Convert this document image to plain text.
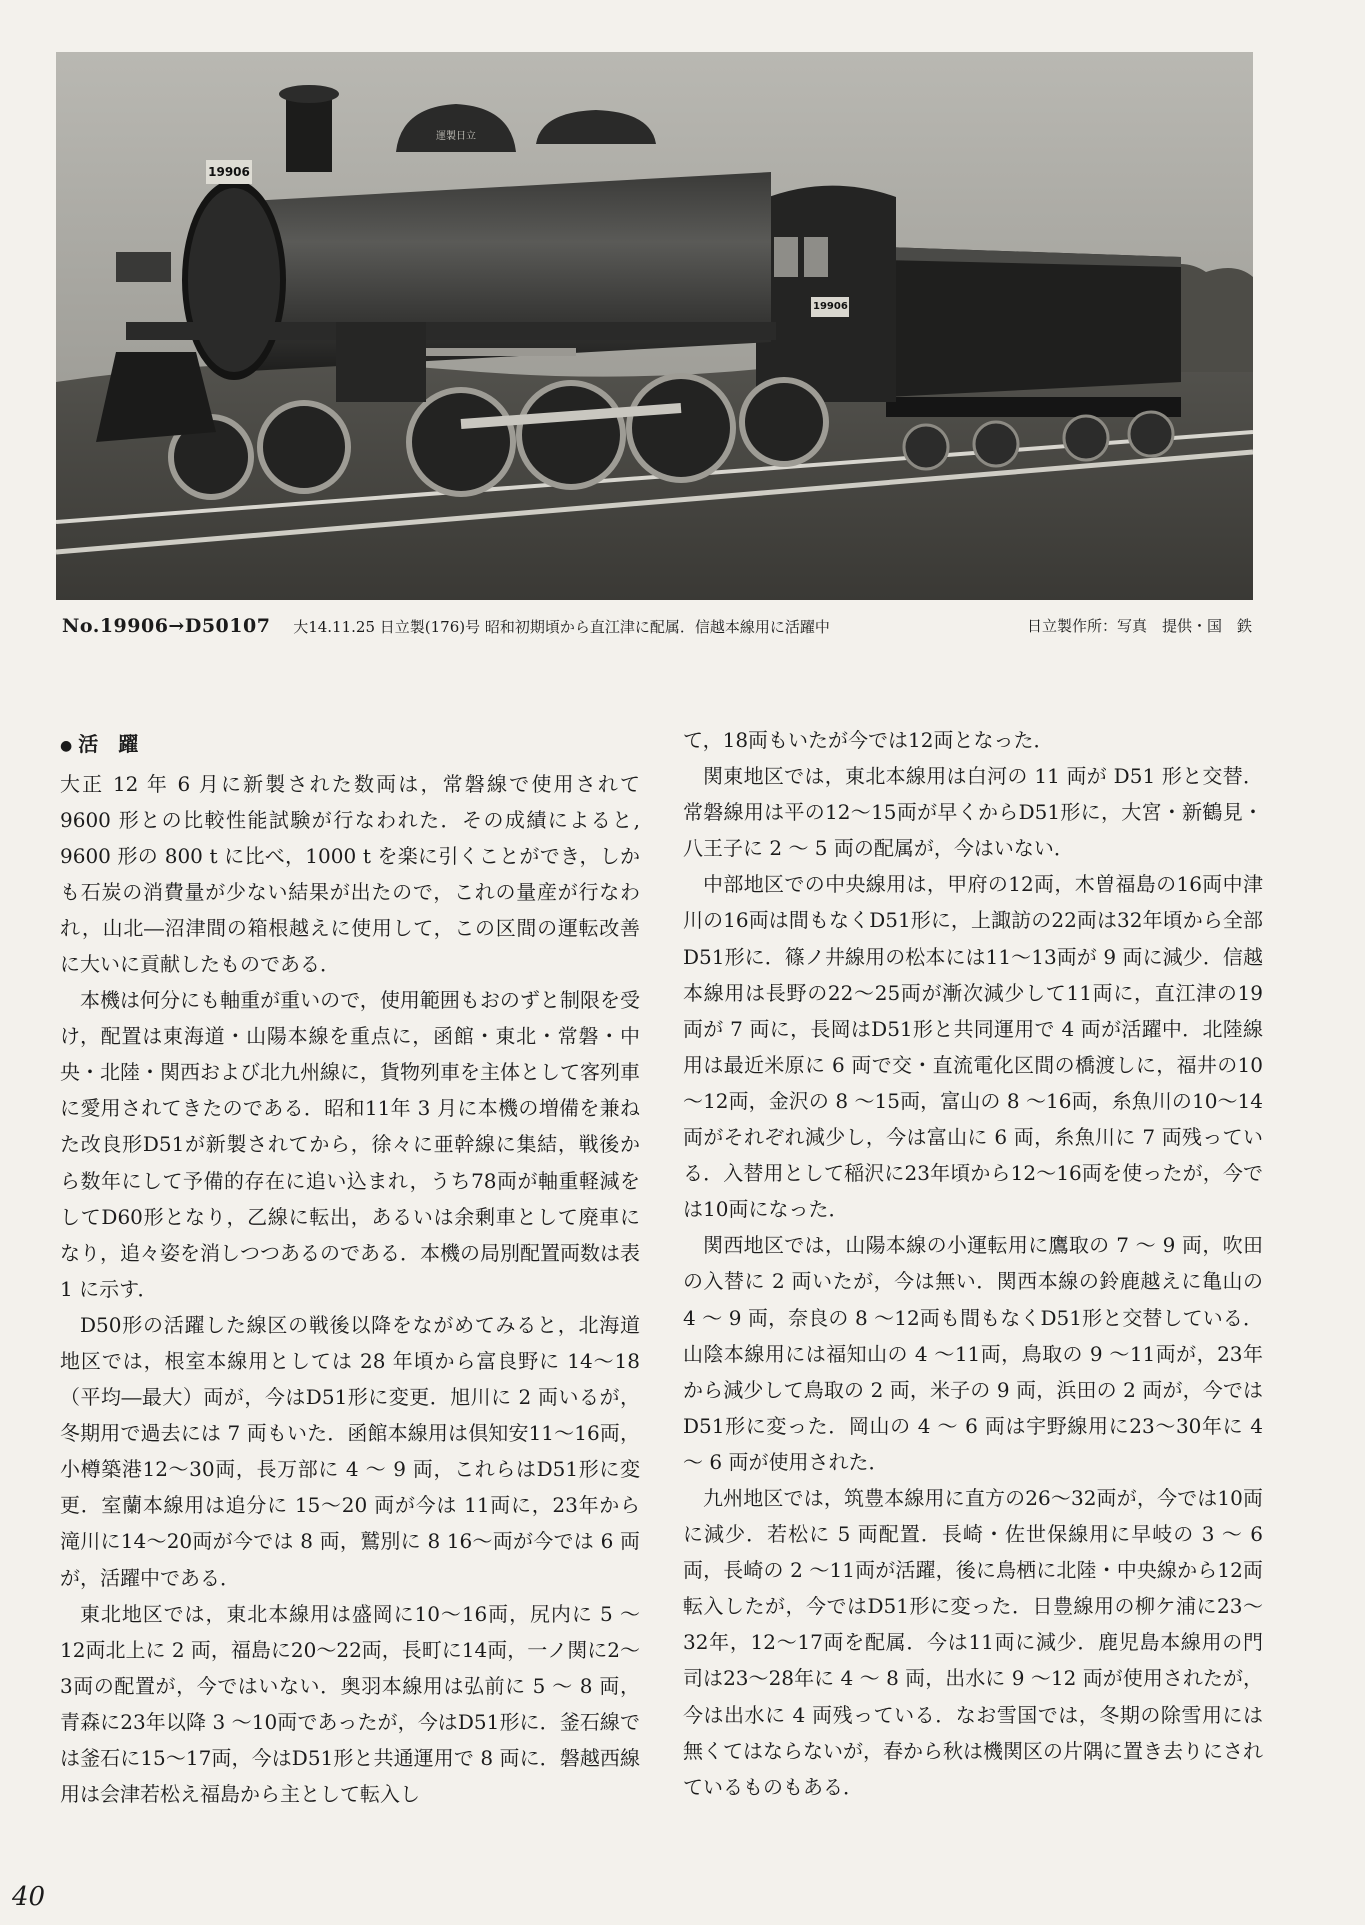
19906
19906
運製日立
No.19906→D50107 大14.11.25 日立製(176)号 昭和初期頃から直江津に配属．信越本線用に活躍中	日立製作所：写真　提供・国　鉄
● 活　躍

大正 12 年 6 月に新製された数両は，常磐線で使用されて 9600 形との比較性能試験が行なわれた．その成績によると, 9600 形の 800 t に比べ，1000 t を楽に引くことができ，しかも石炭の消費量が少ない結果が出たので，これの量産が行なわれ，山北―沼津間の箱根越えに使用して，この区間の運転改善に大いに貢献したものである．

本機は何分にも軸重が重いので，使用範囲もおのずと制限を受け，配置は東海道・山陽本線を重点に，函館・東北・常磐・中央・北陸・関西および北九州線に，貨物列車を主体として客列車に愛用されてきたのである．昭和11年 3 月に本機の増備を兼ねた改良形D51が新製されてから，徐々に亜幹線に集結，戦後から数年にして予備的存在に追い込まれ，うち78両が軸重軽減をしてD60形となり，乙線に転出，あるいは余剰車として廃車になり，追々姿を消しつつあるのである．本機の局別配置両数は表 1 に示す．

D50形の活躍した線区の戦後以降をながめてみると，北海道地区では，根室本線用としては 28 年頃から富良野に 14～18（平均―最大）両が，今はD51形に変更．旭川に 2 両いるが，冬期用で過去には 7 両もいた．函館本線用は倶知安11～16両，小樽築港12～30両，長万部に 4 ～ 9 両，これらはD51形に変更．室蘭本線用は追分に 15～20 両が今は 11両に，23年から滝川に14～20両が今では 8 両，鷲別に 8 16～両が今では 6 両が，活躍中である．

東北地区では，東北本線用は盛岡に10～16両，尻内に 5 ～12両北上に 2 両，福島に20～22両，長町に14両，一ノ関に2～3両の配置が，今ではいない．奥羽本線用は弘前に 5 ～ 8 両，青森に23年以降 3 ～10両であったが，今はD51形に．釜石線では釜石に15～17両，今はD51形と共通運用で 8 両に．磐越西線用は会津若松え福島から主として転入し

て，18両もいたが今では12両となった．

関東地区では，東北本線用は白河の 11 両が D51 形と交替．常磐線用は平の12～15両が早くからD51形に，大宮・新鶴見・八王子に 2 ～ 5 両の配属が，今はいない．

中部地区での中央線用は，甲府の12両，木曽福島の16両中津川の16両は間もなくD51形に，上諏訪の22両は32年頃から全部D51形に．篠ノ井線用の松本には11～13両が 9 両に減少．信越本線用は長野の22～25両が漸次減少して11両に，直江津の19両が 7 両に，長岡はD51形と共同運用で 4 両が活躍中．北陸線用は最近米原に 6 両で交・直流電化区間の橋渡しに，福井の10～12両，金沢の 8 ～15両，富山の 8 ～16両，糸魚川の10～14両がそれぞれ減少し，今は富山に 6 両，糸魚川に 7 両残っている．入替用として稲沢に23年頃から12～16両を使ったが，今では10両になった．

関西地区では，山陽本線の小運転用に鷹取の 7 ～ 9 両，吹田の入替に 2 両いたが，今は無い．関西本線の鈴鹿越えに亀山の 4 ～ 9 両，奈良の 8 ～12両も間もなくD51形と交替している．山陰本線用には福知山の 4 ～11両，鳥取の 9 ～11両が，23年から減少して鳥取の 2 両，米子の 9 両，浜田の 2 両が，今ではD51形に変った．岡山の 4 ～ 6 両は宇野線用に23～30年に 4 ～ 6 両が使用された．

九州地区では，筑豊本線用に直方の26～32両が，今では10両に減少．若松に 5 両配置．長崎・佐世保線用に早岐の 3 ～ 6 両，長崎の 2 ～11両が活躍，後に鳥栖に北陸・中央線から12両転入したが，今ではD51形に変った．日豊線用の柳ケ浦に23～32年，12～17両を配属．今は11両に減少．鹿児島本線用の門司は23～28年に 4 ～ 8 両，出水に 9 ～12 両が使用されたが，今は出水に 4 両残っている．なお雪国では，冬期の除雪用には無くてはならないが，春から秋は機関区の片隅に置き去りにされているものもある．

40
